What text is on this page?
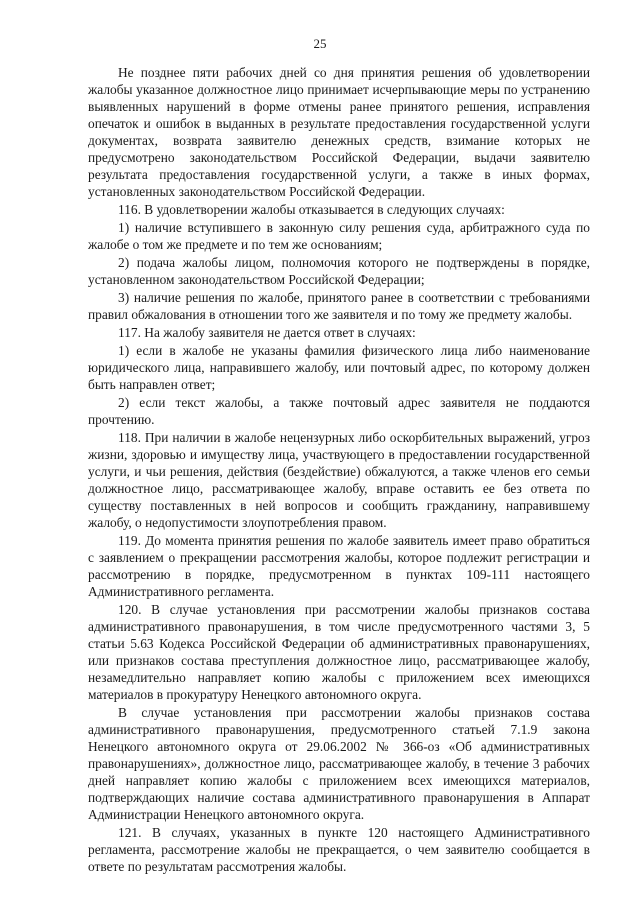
25

Не позднее пяти рабочих дней со дня принятия решения об удовлетворении жалобы указанное должностное лицо принимает исчерпывающие меры по устранению выявленных нарушений в форме отмены ранее принятого решения, исправления опечаток и ошибок в выданных в результате предоставления государственной услуги документах, возврата заявителю денежных средств, взимание которых не предусмотрено законодательством Российской Федерации, выдачи заявителю результата предоставления государственной услуги, а также в иных формах, установленных законодательством Российской Федерации.

116. В удовлетворении жалобы отказывается в следующих случаях:

1) наличие вступившего в законную силу решения суда, арбитражного суда по жалобе о том же предмете и по тем же основаниям;

2) подача жалобы лицом, полномочия которого не подтверждены в порядке, установленном законодательством Российской Федерации;

3) наличие решения по жалобе, принятого ранее в соответствии с требованиями правил обжалования в отношении того же заявителя и по тому же предмету жалобы.

117. На жалобу заявителя не дается ответ в случаях:

1) если в жалобе не указаны фамилия физического лица либо наименование юридического лица, направившего жалобу, или почтовый адрес, по которому должен быть направлен ответ;

2) если текст жалобы, а также почтовый адрес заявителя не поддаются прочтению.

118. При наличии в жалобе нецензурных либо оскорбительных выражений, угроз жизни, здоровью и имуществу лица, участвующего в предоставлении государственной услуги, и чьи решения, действия (бездействие) обжалуются, а также членов его семьи должностное лицо, рассматривающее жалобу, вправе оставить ее без ответа по существу поставленных в ней вопросов и сообщить гражданину, направившему жалобу, о недопустимости злоупотребления правом.

119. До момента принятия решения по жалобе заявитель имеет право обратиться с заявлением о прекращении рассмотрения жалобы, которое подлежит регистрации и рассмотрению в порядке, предусмотренном в пунктах 109-111 настоящего Административного регламента.

120. В случае установления при рассмотрении жалобы признаков состава административного правонарушения, в том числе предусмотренного частями 3, 5 статьи 5.63 Кодекса Российской Федерации об административных правонарушениях, или признаков состава преступления должностное лицо, рассматривающее жалобу, незамедлительно направляет копию жалобы с приложением всех имеющихся материалов в прокуратуру Ненецкого автономного округа.

В случае установления при рассмотрении жалобы признаков состава административного правонарушения, предусмотренного статьей 7.1.9 закона Ненецкого автономного округа от 29.06.2002 № 366-оз «Об административных правонарушениях», должностное лицо, рассматривающее жалобу, в течение 3 рабочих дней направляет копию жалобы с приложением всех имеющихся материалов, подтверждающих наличие состава административного правонарушения в Аппарат Администрации Ненецкого автономного округа.

121. В случаях, указанных в пункте 120 настоящего Административного регламента, рассмотрение жалобы не прекращается, о чем заявителю сообщается в ответе по результатам рассмотрения жалобы.
